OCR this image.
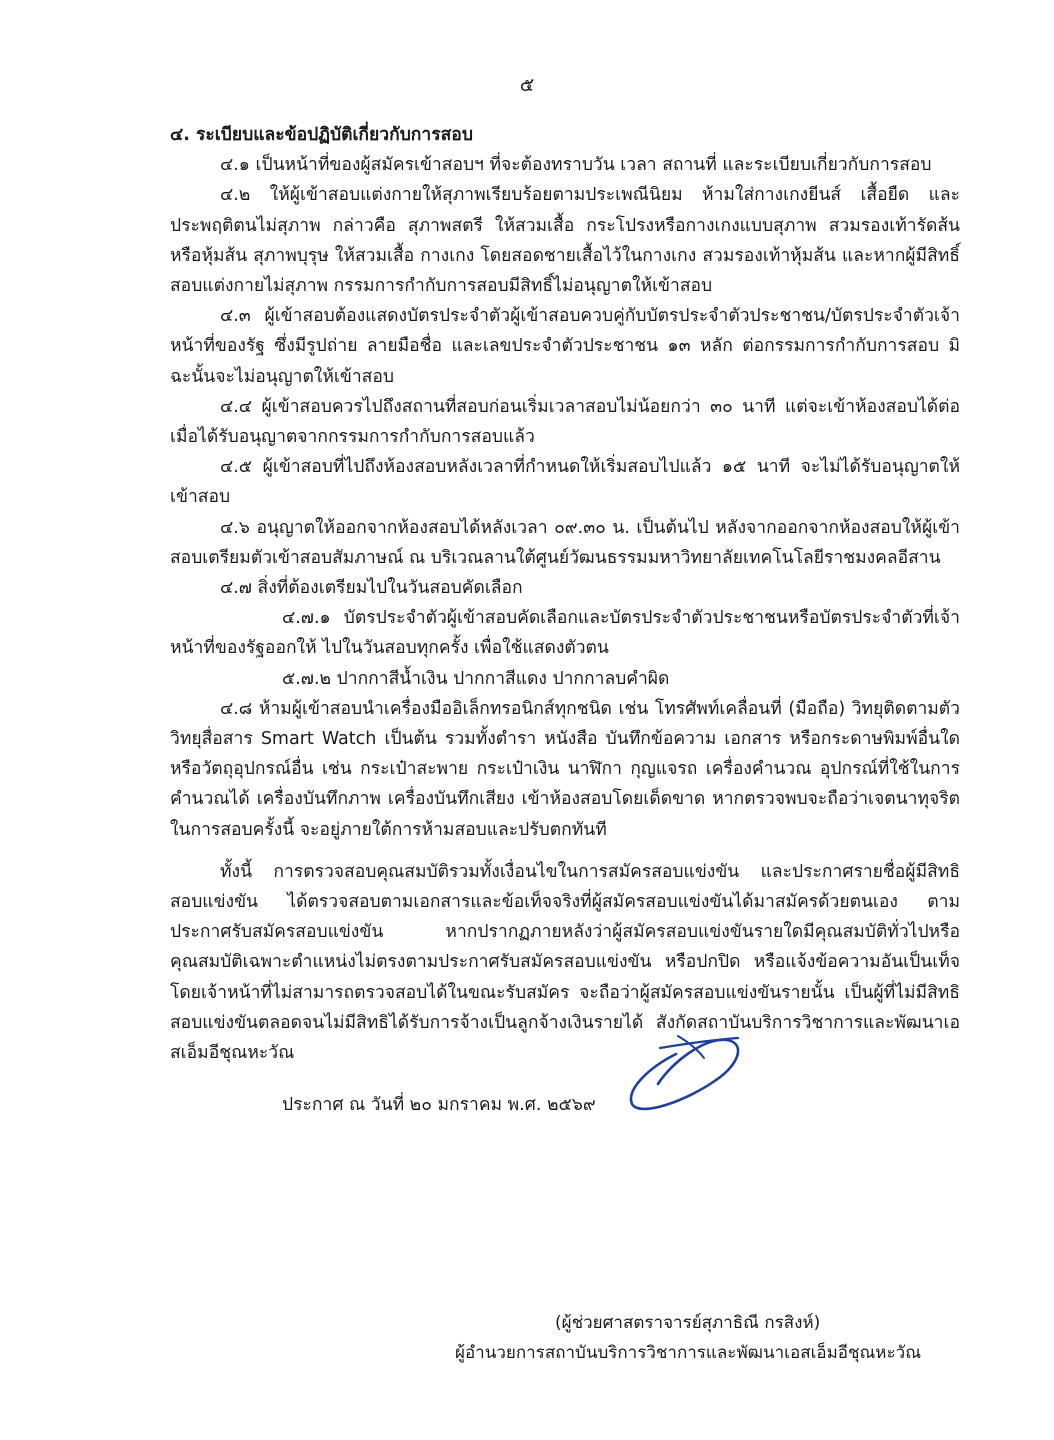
๕
๔. ระเบียบและข้อปฏิบัติเกี่ยวกับการสอบ
๔.๑ เป็นหน้าที่ของผู้สมัครเข้าสอบฯ ที่จะต้องทราบวัน เวลา สถานที่ และระเบียบเกี่ยวกับการสอบ
๔.๒ ให้ผู้เข้าสอบแต่งกายให้สุภาพเรียบร้อยตามประเพณีนิยม ห้ามใส่กางเกงยีนส์ เสื้อยืด และประพฤติตนไม่สุภาพ กล่าวคือ สุภาพสตรี ให้สวมเสื้อ กระโปรงหรือกางเกงแบบสุภาพ สวมรองเท้ารัดส้น หรือหุ้มส้น สุภาพบุรุษ ให้สวมเสื้อ กางเกง โดยสอดชายเสื้อไว้ในกางเกง สวมรองเท้าหุ้มส้น และหากผู้มีสิทธิ์สอบแต่งกายไม่สุภาพ กรรมการกำกับการสอบมีสิทธิ์ไม่อนุญาตให้เข้าสอบ
๔.๓ ผู้เข้าสอบต้องแสดงบัตรประจำตัวผู้เข้าสอบควบคู่กับบัตรประจำตัวประชาชน/บัตรประจำตัวเจ้าหน้าที่ของรัฐ ซึ่งมีรูปถ่าย ลายมือชื่อ และเลขประจำตัวประชาชน ๑๓ หลัก ต่อกรรมการกำกับการสอบ มิฉะนั้นจะไม่อนุญาตให้เข้าสอบ
๔.๔ ผู้เข้าสอบควรไปถึงสถานที่สอบก่อนเริ่มเวลาสอบไม่น้อยกว่า ๓๐ นาที แต่จะเข้าห้องสอบได้ต่อเมื่อได้รับอนุญาตจากกรรมการกำกับการสอบแล้ว
๔.๕ ผู้เข้าสอบที่ไปถึงห้องสอบหลังเวลาที่กำหนดให้เริ่มสอบไปแล้ว ๑๕ นาที จะไม่ได้รับอนุญาตให้เข้าสอบ
๔.๖ อนุญาตให้ออกจากห้องสอบได้หลังเวลา ๐๙.๓๐ น. เป็นต้นไป หลังจากออกจากห้องสอบให้ผู้เข้าสอบเตรียมตัวเข้าสอบสัมภาษณ์ ณ บริเวณลานใต้ศูนย์วัฒนธรรมมหาวิทยาลัยเทคโนโลยีราชมงคลอีสาน
๔.๗ สิ่งที่ต้องเตรียมไปในวันสอบคัดเลือก
๔.๗.๑ บัตรประจำตัวผู้เข้าสอบคัดเลือกและบัตรประจำตัวประชาชนหรือบัตรประจำตัวที่เจ้าหน้าที่ของรัฐออกให้ ไปในวันสอบทุกครั้ง เพื่อใช้แสดงตัวตน
๕.๗.๒ ปากกาสีน้ำเงิน ปากกาสีแดง ปากกาลบคำผิด
๔.๘ ห้ามผู้เข้าสอบนำเครื่องมืออิเล็กทรอนิกส์ทุกชนิด เช่น โทรศัพท์เคลื่อนที่ (มือถือ) วิทยุติดตามตัว วิทยุสื่อสาร Smart Watch เป็นต้น รวมทั้งตำรา หนังสือ บันทึกข้อความ เอกสาร หรือกระดาษพิมพ์อื่นใด หรือวัตถุอุปกรณ์อื่น เช่น กระเป๋าสะพาย กระเป๋าเงิน นาฬิกา กุญแจรถ เครื่องคำนวณ อุปกรณ์ที่ใช้ในการคำนวณได้ เครื่องบันทึกภาพ เครื่องบันทึกเสียง เข้าห้องสอบโดยเด็ดขาด หากตรวจพบจะถือว่าเจตนาทุจริตในการสอบครั้งนี้ จะอยู่ภายใต้การห้ามสอบและปรับตกทันที
ทั้งนี้ การตรวจสอบคุณสมบัติรวมทั้งเงื่อนไขในการสมัครสอบแข่งขัน และประกาศรายชื่อผู้มีสิทธิสอบแข่งขัน ได้ตรวจสอบตามเอกสารและข้อเท็จจริงที่ผู้สมัครสอบแข่งขันได้มาสมัครด้วยตนเอง ตามประกาศรับสมัครสอบแข่งขัน หากปรากฏภายหลังว่าผู้สมัครสอบแข่งขันรายใดมีคุณสมบัติทั่วไปหรือคุณสมบัติเฉพาะตำแหน่งไม่ตรงตามประกาศรับสมัครสอบแข่งขัน หรือปกปิด หรือแจ้งข้อความอันเป็นเท็จ โดยเจ้าหน้าที่ไม่สามารถตรวจสอบได้ในขณะรับสมัคร จะถือว่าผู้สมัครสอบแข่งขันรายนั้น เป็นผู้ที่ไม่มีสิทธิสอบแข่งขันตลอดจนไม่มีสิทธิได้รับการจ้างเป็นลูกจ้างเงินรายได้ สังกัดสถาบันบริการวิชาการและพัฒนาเอสเอ็มอีชุณหะวัณ
ประกาศ ณ วันที่ ๒๐ มกราคม พ.ศ. ๒๕๖๙
(ผู้ช่วยศาสตราจารย์สุภาธิณี กรสิงห์)
ผู้อำนวยการสถาบันบริการวิชาการและพัฒนาเอสเอ็มอีชุณหะวัณ
